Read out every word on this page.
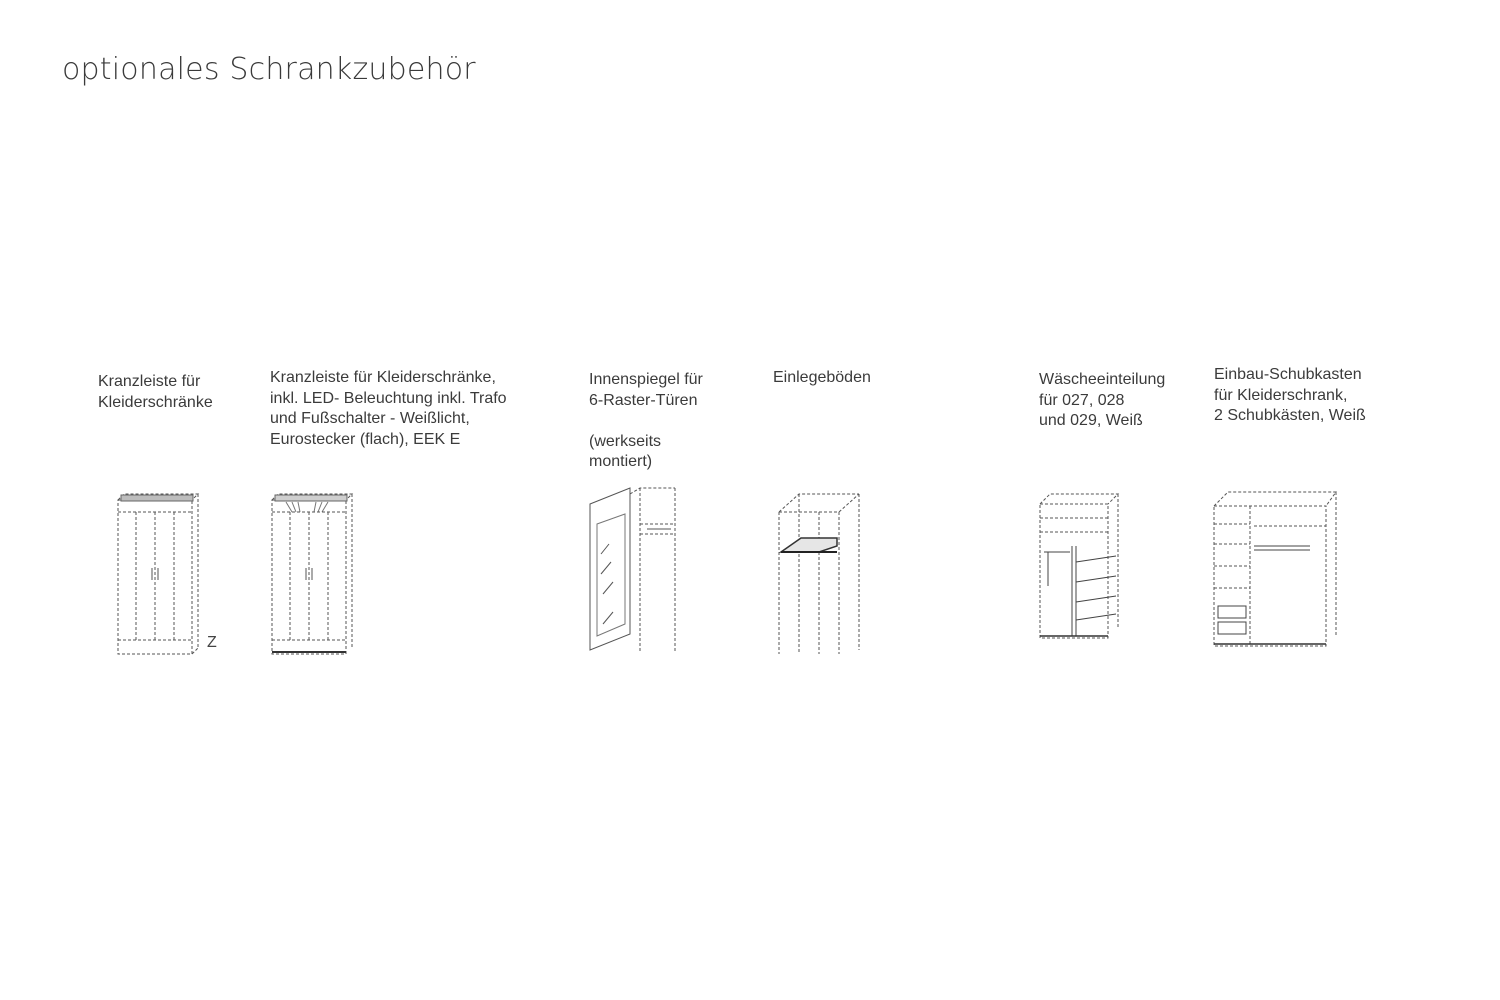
optionales Schrankzubehör
Kranzleiste für
Kleiderschränke
Z
Kranzleiste für Kleiderschränke,
inkl. LED- Beleuchtung inkl. Trafo
und Fußschalter - Weißlicht,
Eurostecker (flach), EEK E
Innenspiegel für
6-Raster-Türen

(werkseits
montiert)
Einlegeböden	Wäscheeinteilung
für 027, 028
und 029, Weiß
Einbau-Schubkasten
für Kleiderschrank,
2 Schubkästen, Weiß
